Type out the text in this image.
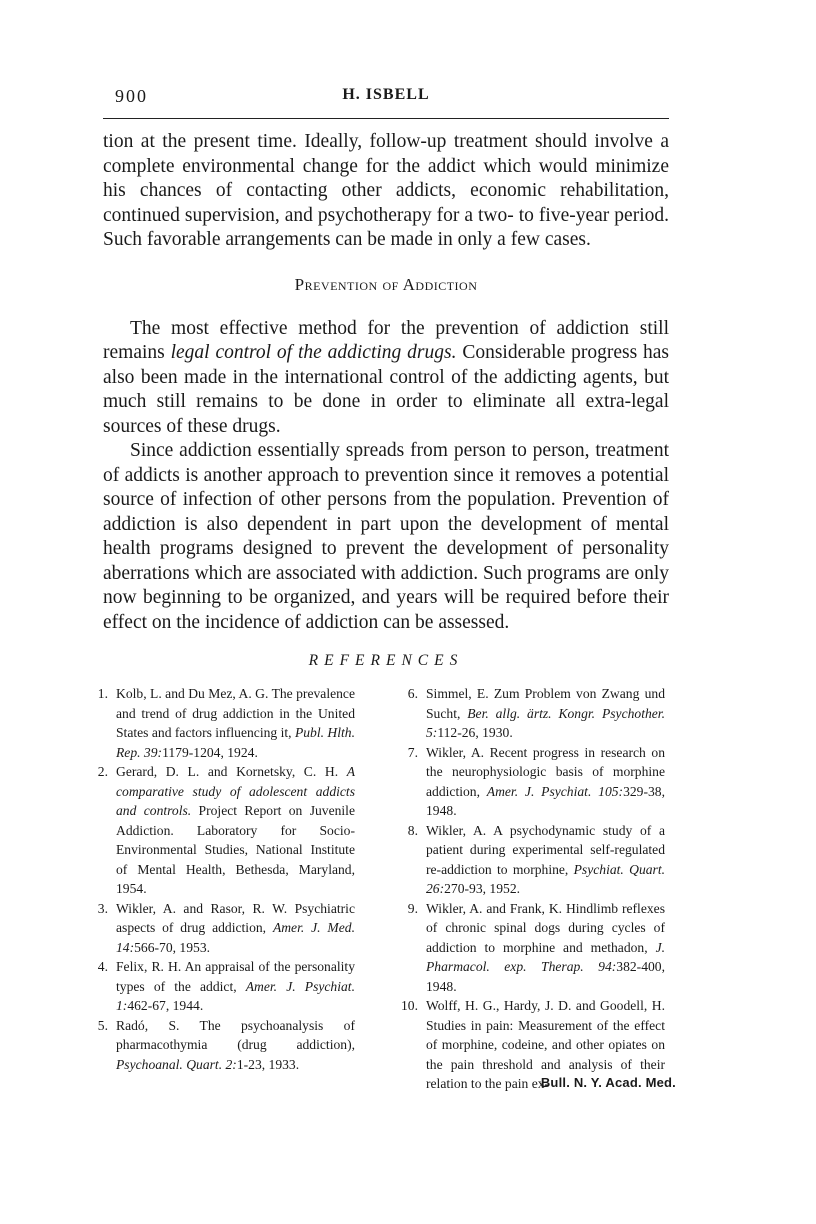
900	H. ISBELL

tion at the present time. Ideally, follow-up treatment should involve a complete environmental change for the addict which would minimize his chances of contacting other addicts, economic rehabilitation, continued supervision, and psychotherapy for a two- to five-year period. Such favorable arrangements can be made in only a few cases.

Prevention of Addiction

The most effective method for the prevention of addiction still remains legal control of the addicting drugs. Considerable progress has also been made in the international control of the addicting agents, but much still remains to be done in order to eliminate all extra-legal sources of these drugs.

Since addiction essentially spreads from person to person, treatment of addicts is another approach to prevention since it removes a potential source of infection of other persons from the population. Prevention of addiction is also dependent in part upon the development of mental health programs designed to prevent the development of personality aberrations which are associated with addiction. Such programs are only now beginning to be organized, and years will be required before their effect on the incidence of addiction can be assessed.

REFERENCES
1. Kolb, L. and Du Mez, A. G. The prevalence and trend of drug addiction in the United States and factors influencing it, Publ. Hlth. Rep. 39:1179-1204, 1924.
2. Gerard, D. L. and Kornetsky, C. H. A comparative study of adolescent addicts and controls. Project Report on Juvenile Addiction. Laboratory for Socio-Environmental Studies, National Institute of Mental Health, Bethesda, Maryland, 1954.
3. Wikler, A. and Rasor, R. W. Psychiatric aspects of drug addiction, Amer. J. Med. 14:566-70, 1953.
4. Felix, R. H. An appraisal of the personality types of the addict, Amer. J. Psychiat. 1:462-67, 1944.
5. Radó, S. The psychoanalysis of pharmacothymia (drug addiction), Psychoanal. Quart. 2:1-23, 1933.
6. Simmel, E. Zum Problem von Zwang und Sucht, Ber. allg. ärtz. Kongr. Psychother. 5:112-26, 1930.
7. Wikler, A. Recent progress in research on the neurophysiologic basis of morphine addiction, Amer. J. Psychiat. 105:329-38, 1948.
8. Wikler, A. A psychodynamic study of a patient during experimental self-regulated re-addiction to morphine, Psychiat. Quart. 26:270-93, 1952.
9. Wikler, A. and Frank, K. Hindlimb reflexes of chronic spinal dogs during cycles of addiction to morphine and methadon, J. Pharmacol. exp. Therap. 94:382-400, 1948.
10. Wolff, H. G., Hardy, J. D. and Goodell, H. Studies in pain: Measurement of the effect of morphine, codeine, and other opiates on the pain threshold and analysis of their relation to the pain ex-
Bull. N. Y. Acad. Med.
